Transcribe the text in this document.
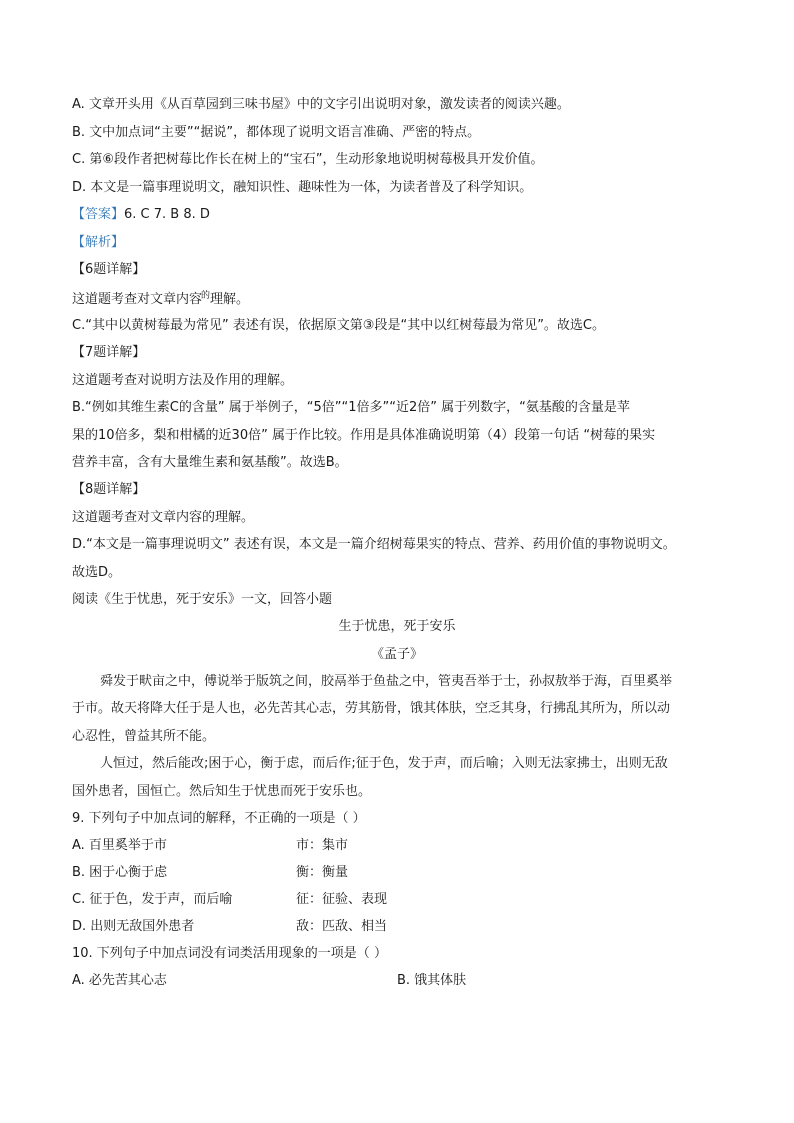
A. 文章开头用《从百草园到三味书屋》中的文字引出说明对象，激发读者的阅读兴趣。
B. 文中加点词“主要”“据说”，都体现了说明文语言准确、严密的特点。
C. 第⑥段作者把树莓比作长在树上的“宝石”，生动形象地说明树莓极具开发价值。
D. 本文是一篇事理说明文，融知识性、趣味性为一体，为读者普及了科学知识。
【答案】6. C 7. B 8. D
【解析】
【6题详解】
这道题考查对文章内容$^的$理解。
C.“其中以黄树莓最为常见” 表述有误，依据原文第③段是“其中以红树莓最为常见”。故选C。
【7题详解】
这道题考查对说明方法及作用的理解。
B.“例如其维生素C的含量” 属于举例子，“5倍”“1倍多”“近2倍” 属于列数字，“氨基酸的含量是苹
果的10倍多，梨和柑橘的近30倍” 属于作比较。作用是具体准确说明第（4）段第一句话 “树莓的果实
营养丰富，含有大量维生素和氨基酸”。故选B。
【8题详解】
这道题考查对文章内容的理解。
D.“本文是一篇事理说明文” 表述有误，本文是一篇介绍树莓果实的特点、营养、药用价值的事物说明文。
故选D。
阅读《生于忧患，死于安乐》一文，回答小题
生于忧患，死于安乐
《孟子》
舜发于畎亩之中，傅说举于版筑之间，胶鬲举于鱼盐之中，管夷吾举于士，孙叔敖举于海，百里奚举
于市。故天将降大任于是人也，必先苦其心志，劳其筋骨，饿其体肤，空乏其身，行拂乱其所为，所以动
心忍性，曾益其所不能。
人恒过，然后能改;困于心，衡于虑，而后作;征于色，发于声，而后喻；入则无法家拂士，出则无敌
国外患者，国恒亡。然后知生于忧患而死于安乐也。
9. 下列句子中加点词的解释，不正确的一项是（ ）
A. 百里奚举于市	市：集市
B. 困于心衡于虑	衡：衡量
C. 征于色，发于声，而后喻	征：征验、表现
D. 出则无敌国外患者	敌：匹敌、相当
10. 下列句子中加点词没有词类活用现象的一项是（ ）
A. 必先苦其心志	B. 饿其体肤
